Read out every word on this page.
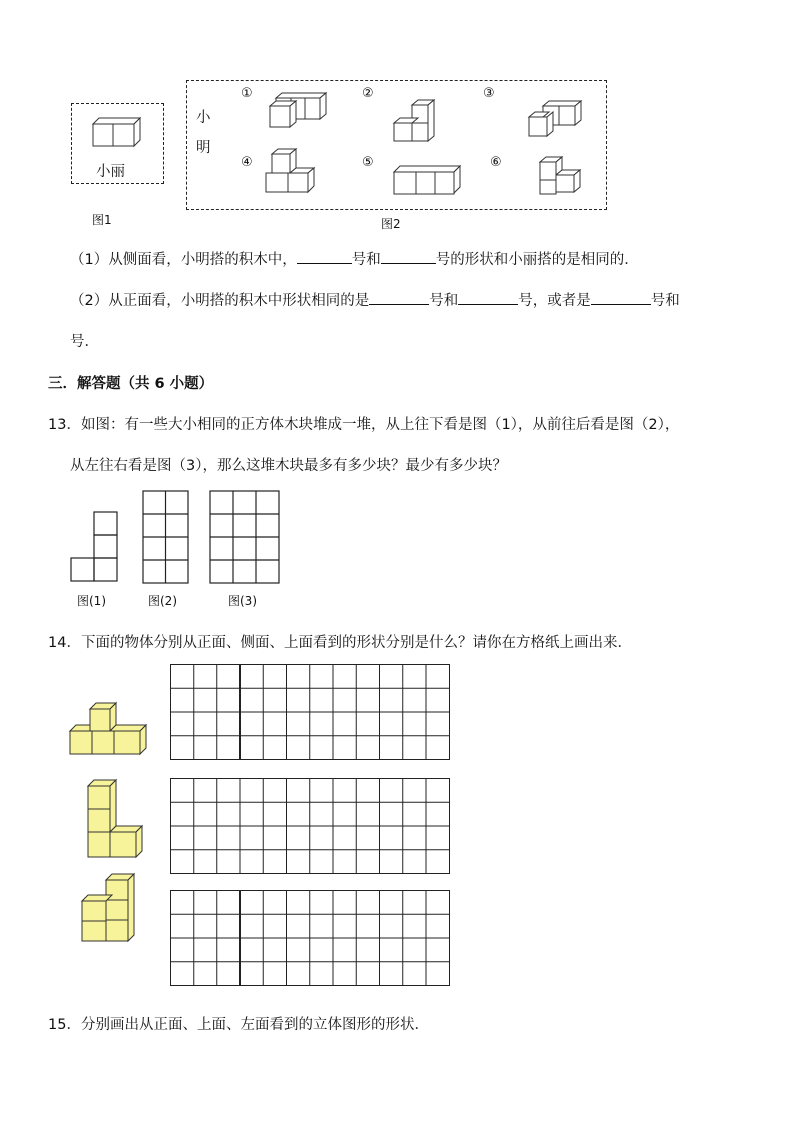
小丽
图1
小
明
①	②	③
④	⑤	⑥
图2
（1）从侧面看，小明搭的积木中，	号和	号的形状和小丽搭的是相同的．
（2）从正面看，小明搭的积木中形状相同的是	号和	号，或者是	号和
号．
三．解答题（共 6 小题）
13．如图：有一些大小相同的正方体木块堆成一堆，从上往下看是图（1），从前往后看是图（2），
从左往右看是图（3），那么这堆木块最多有多少块？最少有多少块？
图(1)	图(2)	图(3)
14．下面的物体分别从正面、侧面、上面看到的形状分别是什么？请你在方格纸上画出来．
15．分别画出从正面、上面、左面看到的立体图形的形状．
